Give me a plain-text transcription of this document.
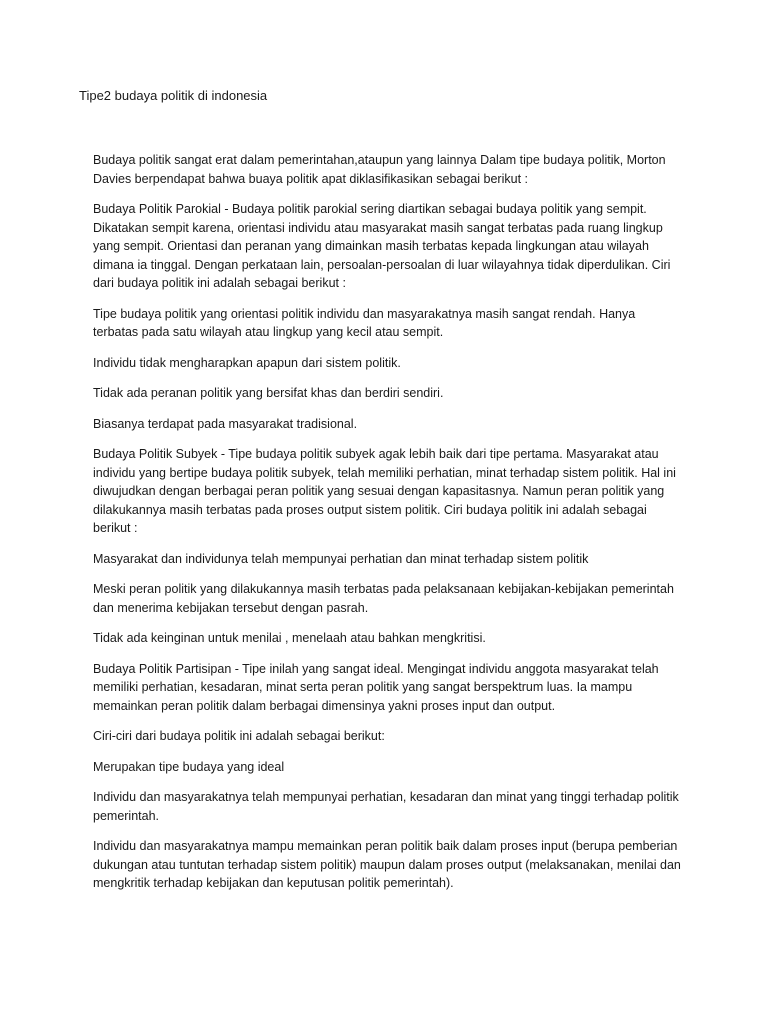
Tipe2 budaya politik di indonesia

Budaya politik sangat erat dalam pemerintahan,ataupun yang lainnya Dalam tipe budaya politik, Morton Davies berpendapat bahwa buaya politik apat diklasifikasikan sebagai berikut :

Budaya Politik Parokial - Budaya politik parokial sering diartikan sebagai budaya politik yang sempit. Dikatakan sempit karena, orientasi individu atau masyarakat masih sangat terbatas pada ruang lingkup yang sempit. Orientasi dan peranan yang dimainkan masih terbatas kepada lingkungan atau wilayah dimana ia tinggal. Dengan perkataan lain, persoalan-persoalan di luar wilayahnya tidak diperdulikan. Ciri dari budaya politik ini adalah sebagai berikut :

Tipe budaya politik yang orientasi politik individu dan masyarakatnya masih sangat rendah. Hanya terbatas pada satu wilayah atau lingkup yang kecil atau sempit.

Individu tidak mengharapkan apapun dari sistem politik.

Tidak ada peranan politik yang bersifat khas dan berdiri sendiri.

Biasanya terdapat pada masyarakat tradisional.

Budaya Politik Subyek - Tipe budaya politik subyek agak lebih baik dari tipe pertama. Masyarakat atau individu yang bertipe budaya politik subyek, telah memiliki perhatian, minat terhadap sistem politik. Hal ini diwujudkan dengan berbagai peran politik yang sesuai dengan kapasitasnya. Namun peran politik yang dilakukannya masih terbatas pada proses output sistem politik. Ciri budaya politik ini adalah sebagai berikut :

Masyarakat dan individunya telah mempunyai perhatian dan minat terhadap sistem politik

Meski peran politik yang dilakukannya masih terbatas pada pelaksanaan kebijakan-kebijakan pemerintah dan menerima kebijakan tersebut dengan pasrah.

Tidak ada keinginan untuk menilai , menelaah atau bahkan mengkritisi.

Budaya Politik Partisipan - Tipe inilah yang sangat ideal. Mengingat individu anggota masyarakat telah memiliki perhatian, kesadaran, minat serta peran politik yang sangat berspektrum luas. Ia mampu memainkan peran politik dalam berbagai dimensinya yakni proses input dan output.

Ciri-ciri dari budaya politik ini adalah sebagai berikut:

Merupakan tipe budaya yang ideal

Individu dan masyarakatnya telah mempunyai perhatian, kesadaran dan minat yang tinggi terhadap politik pemerintah.

Individu dan masyarakatnya mampu memainkan peran politik baik dalam proses input (berupa pemberian dukungan atau tuntutan terhadap sistem politik) maupun dalam proses output (melaksanakan, menilai dan mengkritik terhadap kebijakan dan keputusan politik pemerintah).
